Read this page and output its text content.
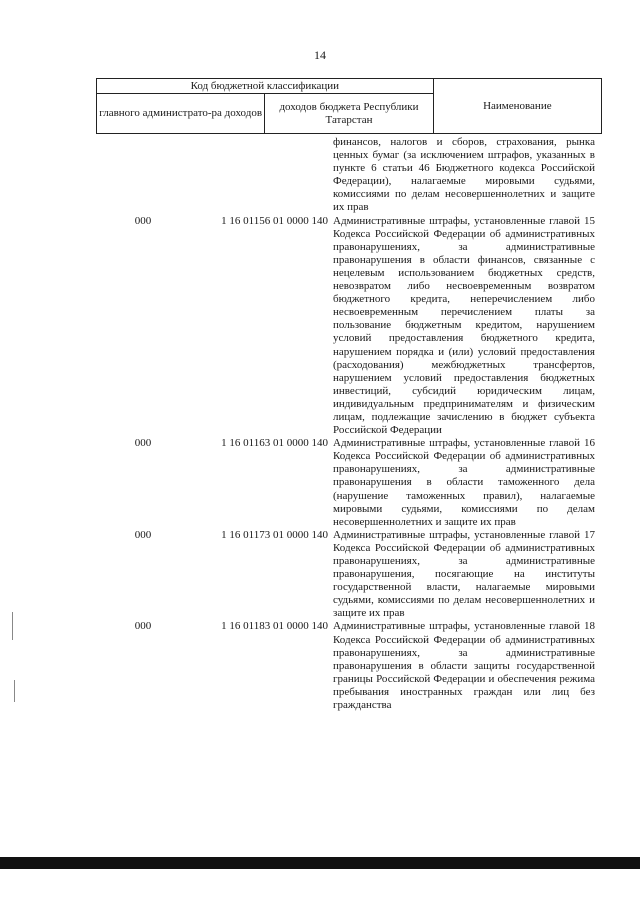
14
Код бюджетной классификации		Наименование
главного администрато-ра доходов	доходов бюджета Республики Татарстан	
финансов, налогов и сборов, страхования, рынка ценных бумаг (за исключением штрафов, указанных в пункте 6 статьи 46 Бюджетного кодекса Российской Федерации), налагаемые мировыми судьями, комиссиями по делам несовершеннолетних и защите их прав
000	1 16 01156 01 0000 140 Административные штрафы, установленные главой 15 Кодекса Российской Федерации об административных правонарушениях, за административные правонарушения в области финансов, связанные с нецелевым использованием бюджетных средств, невозвратом либо несвоевременным возвратом бюджетного кредита, неперечислением либо несвоевременным перечислением платы за пользование бюджетным кредитом, нарушением условий предоставления бюджетного кредита, нарушением порядка и (или) условий предоставления (расходования) межбюджетных трансфертов, нарушением условий предоставления бюджетных инвестиций, субсидий юридическим лицам, индивидуальным предпринимателям и физическим лицам, подлежащие зачислению в бюджет субъекта Российской Федерации
000	1 16 01163 01 0000 140 Административные штрафы, установленные главой 16 Кодекса Российской Федерации об административных правонарушениях, за административные правонарушения в области таможенного дела (нарушение таможенных правил), налагаемые мировыми судьями, комиссиями по делам несовершеннолетних и защите их прав
000	1 16 01173 01 0000 140 Административные штрафы, установленные главой 17 Кодекса Российской Федерации об административных правонарушениях, за административные правонарушения, посягающие на институты государственной власти, налагаемые мировыми судьями, комиссиями по делам несовершеннолетних и защите их прав
000	1 16 01183 01 0000 140 Административные штрафы, установленные главой 18 Кодекса Российской Федерации об административных правонарушениях, за административные правонарушения в области защиты государственной границы Российской Федерации и обеспечения режима пребывания иностранных граждан или лиц без гражданства
